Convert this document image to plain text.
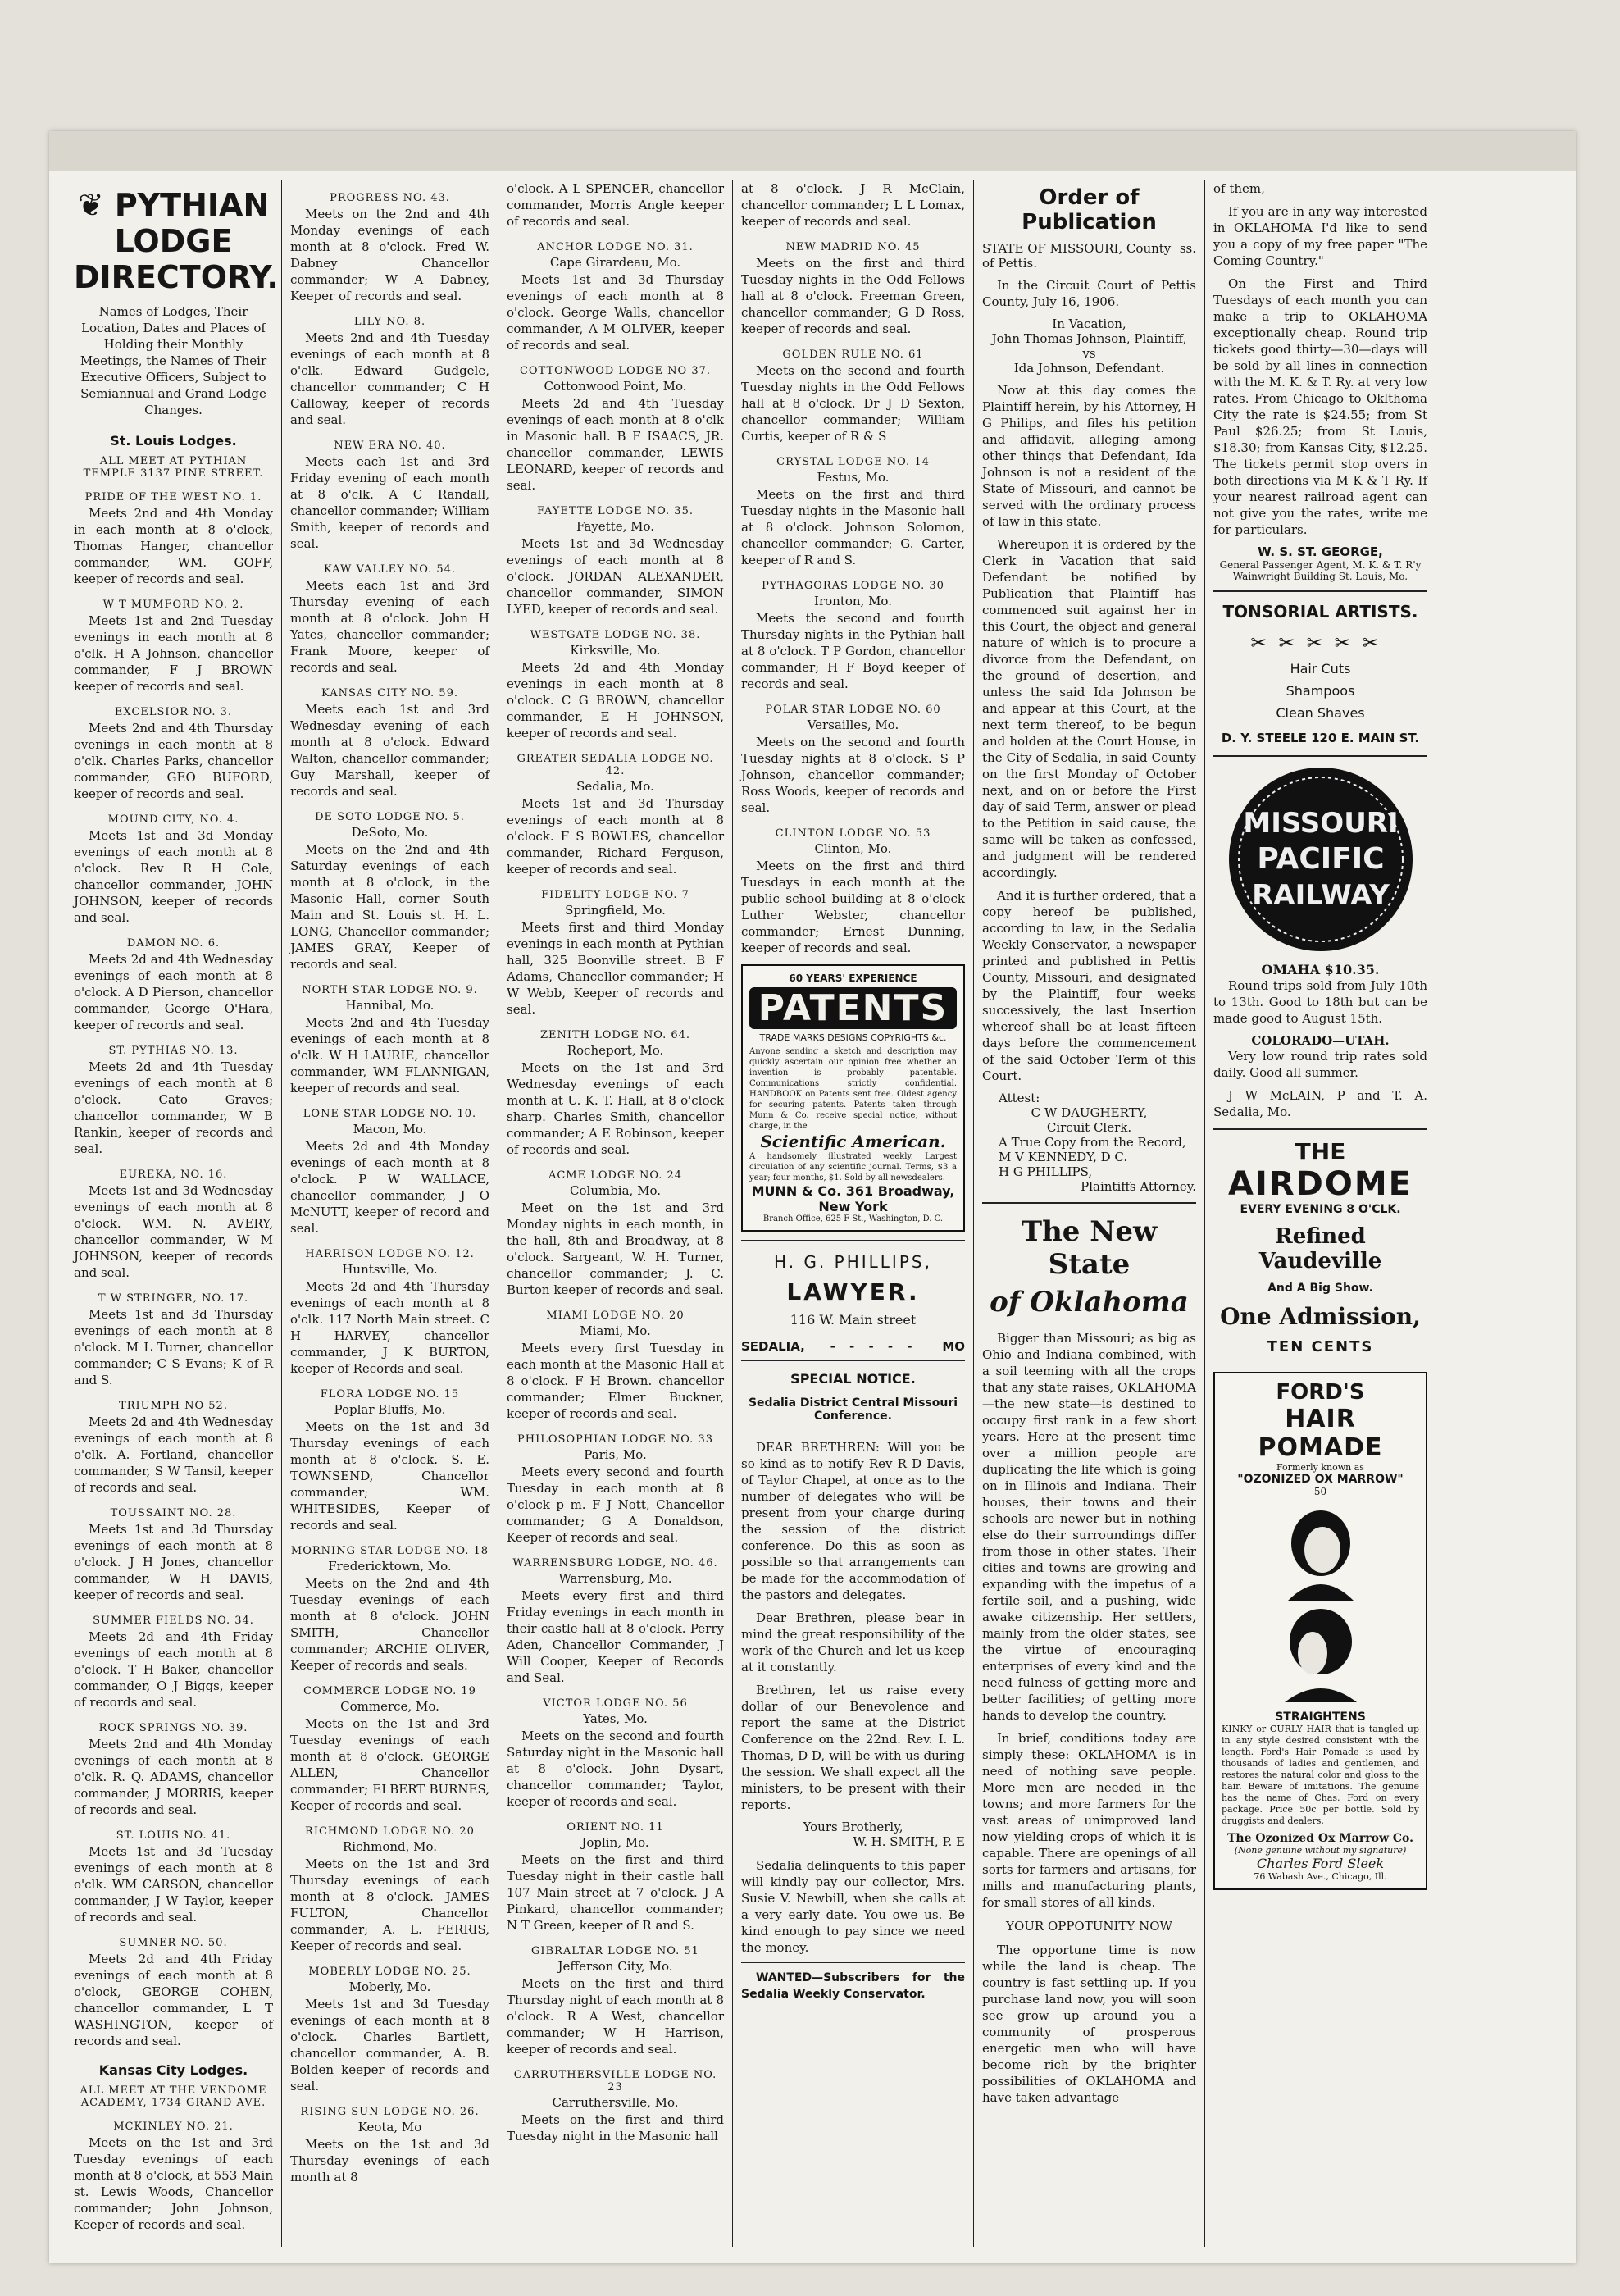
❦ PYTHIAN LODGE
DIRECTORY.
Names of Lodges, Their Location, Dates and Places of Holding their Monthly Meetings, the Names of Their Executive Officers, Subject to Semiannual and Grand Lodge Changes.
St. Louis Lodges.
ALL MEET AT PYTHIAN TEMPLE 3137 PINE STREET.
PRIDE OF THE WEST NO. 1.

Meets 2nd and 4th Monday in each month at 8 o'clock, Thomas Hanger, chancellor commander, WM. GOFF, keeper of records and seal.

W T MUMFORD NO. 2.

Meets 1st and 2nd Tuesday evenings in each month at 8 o'clk. H A Johnson, chancellor commander, F J BROWN keeper of records and seal.

EXCELSIOR NO. 3.

Meets 2nd and 4th Thursday evenings in each month at 8 o'clk. Charles Parks, chancellor commander, GEO BUFORD, keeper of records and seal.

MOUND CITY, NO. 4.

Meets 1st and 3d Monday evenings of each month at 8 o'clock. Rev R H Cole, chancellor commander, JOHN JOHNSON, keeper of records and seal.

DAMON NO. 6.

Meets 2d and 4th Wednesday evenings of each month at 8 o'clock. A D Pierson, chancellor commander, George O'Hara, keeper of records and seal.

ST. PYTHIAS NO. 13.

Meets 2d and 4th Tuesday evenings of each month at 8 o'clock. Cato Graves; chancellor commander, W B Rankin, keeper of records and seal.

EUREKA, NO. 16.

Meets 1st and 3d Wednesday evenings of each month at 8 o'clock. WM. N. AVERY, chancellor commander, W M JOHNSON, keeper of records and seal.

T W STRINGER, NO. 17.

Meets 1st and 3d Thursday evenings of each month at 8 o'clock. M L Turner, chancellor commander; C S Evans; K of R and S.

TRIUMPH NO 52.

Meets 2d and 4th Wednesday evenings of each month at 8 o'clk. A. Fortland, chancellor commander, S W Tansil, keeper of records and seal.

TOUSSAINT NO. 28.

Meets 1st and 3d Thursday evenings of each month at 8 o'clock. J H Jones, chancellor commander, W H DAVIS, keeper of records and seal.

SUMMER FIELDS NO. 34.

Meets 2d and 4th Friday evenings of each month at 8 o'clock. T H Baker, chancellor commander, O J Biggs, keeper of records and seal.

ROCK SPRINGS NO. 39.

Meets 2nd and 4th Monday evenings of each month at 8 o'clk. R. Q. ADAMS, chancellor commander, J MORRIS, keeper of records and seal.

ST. LOUIS NO. 41.

Meets 1st and 3d Tuesday evenings of each month at 8 o'clk. WM CARSON, chancellor commander, J W Taylor, keeper of records and seal.

SUMNER NO. 50.

Meets 2d and 4th Friday evenings of each month at 8 o'clock, GEORGE COHEN, chancellor commander, L T WASHINGTON, keeper of records and seal.

Kansas City Lodges.
ALL MEET AT THE VENDOME ACADEMY, 1734 GRAND AVE.
MCKINLEY NO. 21.

Meets on the 1st and 3rd Tuesday evenings of each month at 8 o'clock, at 553 Main st. Lewis Woods, Chancellor commander; John Johnson, Keeper of records and seal.

PROGRESS NO. 43.

Meets on the 2nd and 4th Monday evenings of each month at 8 o'clock. Fred W. Dabney Chancellor commander; W A Dabney, Keeper of records and seal.

LILY NO. 8.

Meets 2nd and 4th Tuesday evenings of each month at 8 o'clk. Edward Gudgele, chancellor commander; C H Calloway, keeper of records and seal.

NEW ERA NO. 40.

Meets each 1st and 3rd Friday evening of each month at 8 o'clk. A C Randall, chancellor commander; William Smith, keeper of records and seal.

KAW VALLEY NO. 54.

Meets each 1st and 3rd Thursday evening of each month at 8 o'clock. John H Yates, chancellor commander; Frank Moore, keeper of records and seal.

KANSAS CITY NO. 59.

Meets each 1st and 3rd Wednesday evening of each month at 8 o'clock. Edward Walton, chancellor commander; Guy Marshall, keeper of records and seal.

DE SOTO LODGE NO. 5.
DeSoto, Mo.

Meets on the 2nd and 4th Saturday evenings of each month at 8 o'clock, in the Masonic Hall, corner South Main and St. Louis st. H. L. LONG, Chancellor commander; JAMES GRAY, Keeper of records and seal.

NORTH STAR LODGE NO. 9.
Hannibal, Mo.

Meets 2nd and 4th Tuesday evenings of each month at 8 o'clk. W H LAURIE, chancellor commander, WM FLANNIGAN, keeper of records and seal.

LONE STAR LODGE NO. 10.
Macon, Mo.

Meets 2d and 4th Monday evenings of each month at 8 o'clock. P W WALLACE, chancellor commander, J O McNUTT, keeper of record and seal.

HARRISON LODGE NO. 12.
Huntsville, Mo.

Meets 2d and 4th Thursday evenings of each month at 8 o'clk. 117 North Main street. C H HARVEY, chancellor commander, J K BURTON, keeper of Records and seal.

FLORA LODGE NO. 15
Poplar Bluffs, Mo.

Meets on the 1st and 3d Thursday evenings of each month at 8 o'clock. S. E. TOWNSEND, Chancellor commander; WM. WHITESIDES, Keeper of records and seal.

MORNING STAR LODGE NO. 18
Fredericktown, Mo.

Meets on the 2nd and 4th Tuesday evenings of each month at 8 o'clock. JOHN SMITH, Chancellor commander; ARCHIE OLIVER, Keeper of records and seals.

COMMERCE LODGE NO. 19
Commerce, Mo.

Meets on the 1st and 3rd Tuesday evenings of each month at 8 o'clock. GEORGE ALLEN, Chancellor commander; ELBERT BURNES, Keeper of records and seal.

RICHMOND LODGE NO. 20
Richmond, Mo.

Meets on the 1st and 3rd Thursday evenings of each month at 8 o'clock. JAMES FULTON, Chancellor commander; A. L. FERRIS, Keeper of records and seal.

MOBERLY LODGE NO. 25.
Moberly, Mo.

Meets 1st and 3d Tuesday evenings of each month at 8 o'clock. Charles Bartlett, chancellor commander, A. B. Bolden keeper of records and seal.

RISING SUN LODGE NO. 26.
Keota, Mo

Meets on the 1st and 3d Thursday evenings of each month at 8

o'clock. A L SPENCER, chancellor commander, Morris Angle keeper of records and seal.

ANCHOR LODGE NO. 31.
Cape Girardeau, Mo.

Meets 1st and 3d Thursday evenings of each month at 8 o'clock. George Walls, chancellor commander, A M OLIVER, keeper of records and seal.

COTTONWOOD LODGE NO 37.
Cottonwood Point, Mo.

Meets 2d and 4th Tuesday evenings of each month at 8 o'clk in Masonic hall. B F ISAACS, JR. chancellor commander, LEWIS LEONARD, keeper of records and seal.

FAYETTE LODGE NO. 35.
Fayette, Mo.

Meets 1st and 3d Wednesday evenings of each month at 8 o'clock. JORDAN ALEXANDER, chancellor commander, SIMON LYED, keeper of records and seal.

WESTGATE LODGE NO. 38.
Kirksville, Mo.

Meets 2d and 4th Monday evenings in each month at 8 o'clock. C G BROWN, chancellor commander, E H JOHNSON, keeper of records and seal.

GREATER SEDALIA LODGE NO. 42.
Sedalia, Mo.

Meets 1st and 3d Thursday evenings of each month at 8 o'clock. F S BOWLES, chancellor commander, Richard Ferguson, keeper of records and seal.

FIDELITY LODGE NO. 7
Springfield, Mo.

Meets first and third Monday evenings in each month at Pythian hall, 325 Boonville street. B F Adams, Chancellor commander; H W Webb, Keeper of records and seal.

ZENITH LODGE NO. 64.
Rocheport, Mo.

Meets on the 1st and 3rd Wednesday evenings of each month at U. K. T. Hall, at 8 o'clock sharp. Charles Smith, chancellor commander; A E Robinson, keeper of records and seal.

ACME LODGE NO. 24
Columbia, Mo.

Meet on the 1st and 3rd Monday nights in each month, in the hall, 8th and Broadway, at 8 o'clock. Sargeant, W. H. Turner, chancellor commander; J. C. Burton keeper of records and seal.

MIAMI LODGE NO. 20
Miami, Mo.

Meets every first Tuesday in each month at the Masonic Hall at 8 o'clock. F H Brown. chancellor commander; Elmer Buckner, keeper of records and seal.

PHILOSOPHIAN LODGE NO. 33
Paris, Mo.

Meets every second and fourth Tuesday in each month at 8 o'clock p m. F J Nott, Chancellor commander; G A Donaldson, Keeper of records and seal.

WARRENSBURG LODGE, NO. 46.
Warrensburg, Mo.

Meets every first and third Friday evenings in each month in their castle hall at 8 o'clock. Perry Aden, Chancellor Commander, J Will Cooper, Keeper of Records and Seal.

VICTOR LODGE NO. 56
Yates, Mo.

Meets on the second and fourth Saturday night in the Masonic hall at 8 o'clock. John Dysart, chancellor commander; Taylor, keeper of records and seal.

ORIENT NO. 11
Joplin, Mo.

Meets on the first and third Tuesday night in their castle hall 107 Main street at 7 o'clock. J A Pinkard, chancellor commander; N T Green, keeper of R and S.

GIBRALTAR LODGE NO. 51
Jefferson City, Mo.

Meets on the first and third Thursday night of each month at 8 o'clock. R A West, chancellor commander; W H Harrison, keeper of records and seal.

CARRUTHERSVILLE LODGE NO. 23
Carruthersville, Mo.

Meets on the first and third Tuesday night in the Masonic hall

at 8 o'clock. J R McClain, chancellor commander; L L Lomax, keeper of records and seal.

NEW MADRID NO. 45

Meets on the first and third Tuesday nights in the Odd Fellows hall at 8 o'clock. Freeman Green, chancellor commander; G D Ross, keeper of records and seal.

GOLDEN RULE NO. 61

Meets on the second and fourth Tuesday nights in the Odd Fellows hall at 8 o'clock. Dr J D Sexton, chancellor commander; William Curtis, keeper of R & S

CRYSTAL LODGE NO. 14
Festus, Mo.

Meets on the first and third Tuesday nights in the Masonic hall at 8 o'clock. Johnson Solomon, chancellor commander; G. Carter, keeper of R and S.

PYTHAGORAS LODGE NO. 30
Ironton, Mo.

Meets the second and fourth Thursday nights in the Pythian hall at 8 o'clock. T P Gordon, chancellor commander; H F Boyd keeper of records and seal.

POLAR STAR LODGE NO. 60
Versailles, Mo.

Meets on the second and fourth Tuesday nights at 8 o'clock. S P Johnson, chancellor commander; Ross Woods, keeper of records and seal.

CLINTON LODGE NO. 53
Clinton, Mo.

Meets on the first and third Tuesdays in each month at the public school building at 8 o'clock Luther Webster, chancellor commander; Ernest Dunning, keeper of records and seal.

60 YEARS' EXPERIENCE
PATENTS
TRADE MARKS DESIGNS COPYRIGHTS &c.
Anyone sending a sketch and description may quickly ascertain our opinion free whether an invention is probably patentable. Communications strictly confidential. HANDBOOK on Patents sent free. Oldest agency for securing patents. Patents taken through Munn & Co. receive special notice, without charge, in the
Scientific American.
A handsomely illustrated weekly. Largest circulation of any scientific journal. Terms, $3 a year; four months, $1. Sold by all newsdealers.
MUNN & Co. 361 Broadway, New York
Branch Office, 625 F St., Washington, D. C.
H. G. PHILLIPS,
LAWYER.
116 W. Main street
SEDALIA, - - - - - MO
SPECIAL NOTICE.
Sedalia District Central Missouri Conference.

DEAR BRETHREN: Will you be so kind as to notify Rev R D Davis, of Taylor Chapel, at once as to the number of delegates who will be present from your charge during the session of the district conference. Do this as soon as possible so that arrangements can be made for the accommodation of the pastors and delegates.

Dear Brethren, please bear in mind the great responsibility of the work of the Church and let us keep at it constantly.

Brethren, let us raise every dollar of our Benevolence and report the same at the District Conference on the 22nd. Rev. I. L. Thomas, D D, will be with us during the session. We shall expect all the ministers, to be present with their reports.

Yours Brotherly,
W. H. SMITH, P. E

Sedalia delinquents to this paper will kindly pay our collector, Mrs. Susie V. Newbill, when she calls at a very early date. You owe us. Be kind enough to pay since we need the money.

WANTED—Subscribers for the Sedalia Weekly Conservator.

Order of Publication
STATE OF MISSOURI, County of Pettis.
ss.

In the Circuit Court of Pettis County, July 16, 1906.

In Vacation,
John Thomas Johnson, Plaintiff,
vs
Ida Johnson, Defendant.

Now at this day comes the Plaintiff herein, by his Attorney, H G Philips, and files his petition and affidavit, alleging among other things that Defendant, Ida Johnson is not a resident of the State of Missouri, and cannot be served with the ordinary process of law in this state.

Whereupon it is ordered by the Clerk in Vacation that said Defendant be notified by Publication that Plaintiff has commenced suit against her in this Court, the object and general nature of which is to procure a divorce from the Defendant, on the ground of desertion, and unless the said Ida Johnson be and appear at this Court, at the next term thereof, to be begun and holden at the Court House, in the City of Sedalia, in said County on the first Monday of October next, and on or before the First day of said Term, answer or plead to the Petition in said cause, the same will be taken as confessed, and judgment will be rendered accordingly.

And it is further ordered, that a copy hereof be published, according to law, in the Sedalia Weekly Conservator, a newspaper printed and published in Pettis County, Missouri, and designated by the Plaintiff, four weeks successively, the last Insertion whereof shall be at least fifteen days before the commencement of the said October Term of this Court.

Attest:
C W DAUGHERTY,
Circuit Clerk.
A True Copy from the Record,
M V KENNEDY, D C.
H G PHILLIPS,
Plaintiffs Attorney.
The New State
of Oklahoma

Bigger than Missouri; as big as Ohio and Indiana combined, with a soil teeming with all the crops that any state raises, OKLAHOMA—the new state—is destined to occupy first rank in a few short years. Here at the present time over a million people are duplicating the life which is going on in Illinois and Indiana. Their houses, their towns and their schools are newer but in nothing else do their surroundings differ from those in other states. Their cities and towns are growing and expanding with the impetus of a fertile soil, and a pushing, wide awake citizenship. Her settlers, mainly from the older states, see the virtue of encouraging enterprises of every kind and the need fulness of getting more and better facilities; of getting more hands to develop the country.

In brief, conditions today are simply these: OKLAHOMA is in need of nothing save people. More men are needed in the towns; and more farmers for the vast areas of unimproved land now yielding crops of which it is capable. There are openings of all sorts for farmers and artisans, for mills and manufacturing plants, for small stores of all kinds.

YOUR OPPOTUNITY NOW

The opportune time is now while the land is cheap. The country is fast settling up. If you purchase land now, you will soon see grow up around you a community of prosperous energetic men who will have become rich by the brighter possibilities of OKLAHOMA and have taken advantage

of them,

If you are in any way interested in OKLAHOMA I'd like to send you a copy of my free paper "The Coming Country."

On the First and Third Tuesdays of each month you can make a trip to OKLAHOMA exceptionally cheap. Round trip tickets good thirty—30—days will be sold by all lines in connection with the M. K. & T. Ry. at very low rates. From Chicago to Oklthoma City the rate is $24.55; from St Paul $26.25; from St Louis, $18.30; from Kansas City, $12.25. The tickets permit stop overs in both directions via M K & T Ry. If your nearest railroad agent can not give you the rates, write me for particulars.

W. S. ST. GEORGE,
General Passenger Agent, M. K. & T. R'y
Wainwright Building St. Louis, Mo.
TONSORIAL ARTISTS.
✂✂✂✂✂
Hair Cuts
Shampoos
Clean Shaves
D. Y. STEELE 120 E. MAIN ST.
MISSOURI
PACIFIC
RAILWAY
OMAHA $10.35.

Round trips sold from July 10th to 13th. Good to 18th but can be made good to August 15th.

COLORADO—UTAH.

Very low round trip rates sold daily. Good all summer.

J W McLAIN, P and T. A. Sedalia, Mo.

THE
AIRDOME
EVERY EVENING 8 O'CLK.
Refined Vaudeville
And A Big Show.
One Admission,
TEN CENTS
FORD'S
HAIR POMADE
Formerly known as
"OZONIZED OX MARROW"
50

STRAIGHTENS
KINKY or CURLY HAIR that is tangled up in any style desired consistent with the length. Ford's Hair Pomade is used by thousands of ladies and gentlemen, and restores the natural color and gloss to the hair. Beware of imitations. The genuine has the name of Chas. Ford on every package. Price 50c per bottle. Sold by druggists and dealers.
The Ozonized Ox Marrow Co.
(None genuine without my signature)
Charles Ford Sleek
76 Wabash Ave., Chicago, Ill.
